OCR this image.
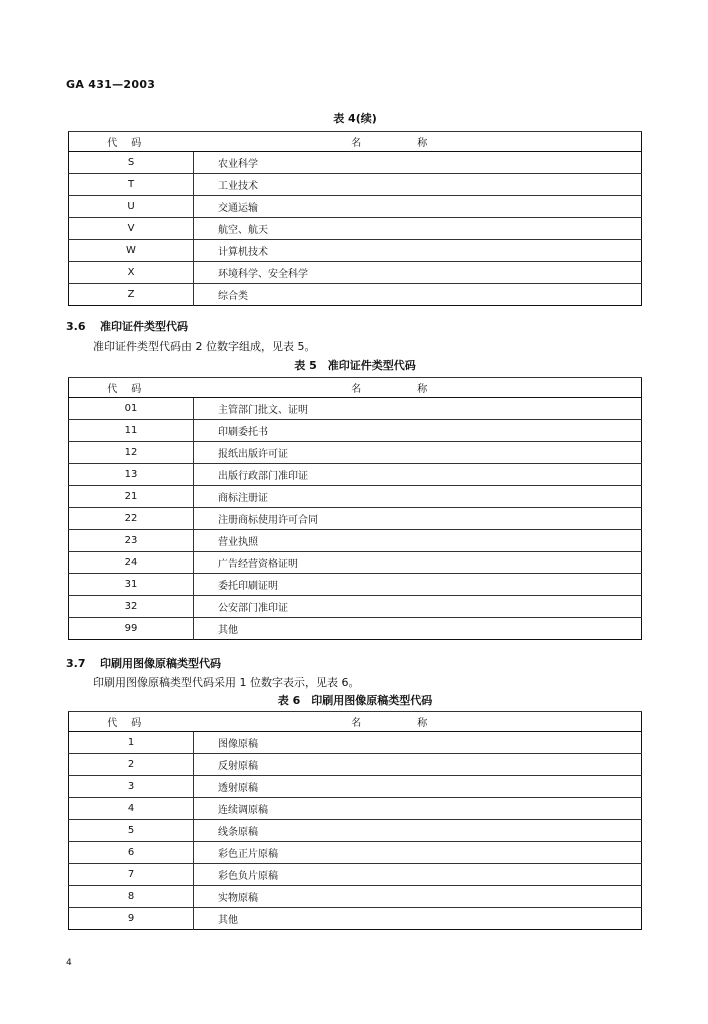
GA 431—2003
表 4(续)
代码	名称
S	农业科学
T	工业技术
U	交通运输
V	航空、航天
W	计算机技术
X	环境科学、安全科学
Z	综合类
3.6 准印证件类型代码
准印证件类型代码由 2 位数字组成，见表 5。
表 5　准印证件类型代码
代码	名称
01	主管部门批文、证明
11	印刷委托书
12	报纸出版许可证
13	出版行政部门准印证
21	商标注册证
22	注册商标使用许可合同
23	营业执照
24	广告经营资格证明
31	委托印刷证明
32	公安部门准印证
99	其他
3.7 印刷用图像原稿类型代码
印刷用图像原稿类型代码采用 1 位数字表示，见表 6。
表 6　印刷用图像原稿类型代码
代码	名称
1	图像原稿
2	反射原稿
3	透射原稿
4	连续调原稿
5	线条原稿
6	彩色正片原稿
7	彩色负片原稿
8	实物原稿
9	其他
4
